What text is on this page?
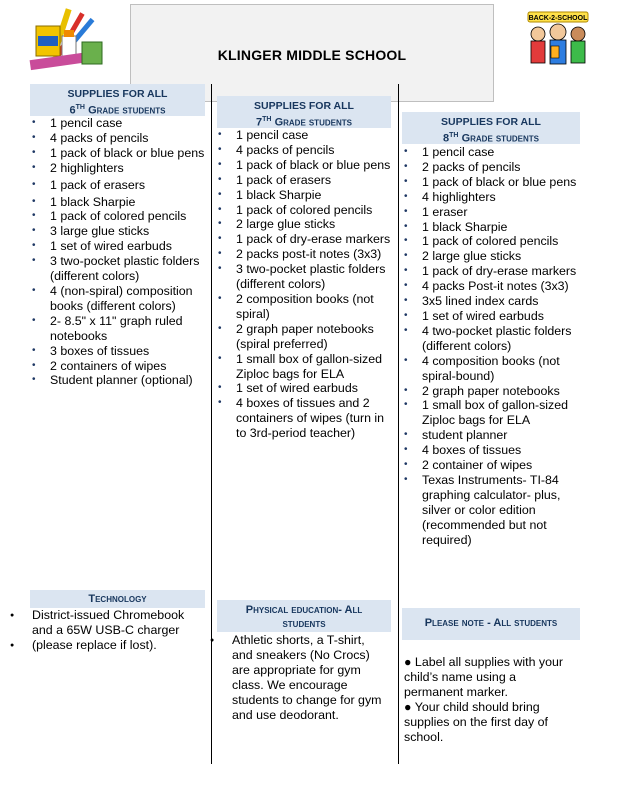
BACK-2-SCHOOL
KLINGER MIDDLE SCHOOL
SUPPLIES FOR ALL
6TH Grade students
• 1 pencil case
• 4 packs of pencils
• 1 pack of black or blue pens
• 2 highlighters
• 1 pack of erasers
• 1 black Sharpie
• 1 pack of colored pencils
• 3 large glue sticks
• 1 set of wired earbuds
• 3 two-pocket plastic folders (different colors)
• 4 (non-spiral) composition books (different colors)
• 2- 8.5" x 11" graph ruled notebooks
• 3 boxes of tissues
• 2 containers of wipes
• Student planner (optional)
SUPPLIES FOR ALL
7TH Grade students
• 1 pencil case
• 4 packs of pencils
• 1 pack of black or blue pens
• 1 pack of erasers
• 1 black Sharpie
• 1 pack of colored pencils
• 2 large glue sticks
• 1 pack of dry-erase markers
• 2 packs post-it notes (3x3)
• 3 two-pocket plastic folders (different colors)
• 2 composition books (not spiral)
• 2 graph paper notebooks (spiral preferred)
• 1 small box of gallon-sized Ziploc bags for ELA
• 1 set of wired earbuds
• 4 boxes of tissues and 2 containers of wipes (turn in to 3rd-period teacher)
SUPPLIES FOR ALL
8TH Grade students
• 1 pencil case
• 2 packs of pencils
• 1 pack of black or blue pens
• 4 highlighters
• 1 eraser
• 1 black Sharpie
• 1 pack of colored pencils
• 2 large glue sticks
• 1 pack of dry-erase markers
• 4 packs Post-it notes (3x3)
• 3x5 lined index cards
• 1 set of wired earbuds
• 4 two-pocket plastic folders (different colors)
• 4 composition books (not spiral-bound)
• 2 graph paper notebooks
• 1 small box of gallon-sized Ziploc bags for ELA
• student planner
• 4 boxes of tissues
• 2 container of wipes
• Texas Instruments- TI-84 graphing calculator- plus, silver or color edition (recommended but not required)
Technology
● District-issued Chromebook and a 65W USB-C charger
● (please replace if lost).
Physical education- All students
● Athletic shorts, a T-shirt, and sneakers (No Crocs) are appropriate for gym class. We encourage students to change for gym and use deodorant.
Please note - All students
● Label all supplies with your child’s name using a permanent marker.
● Your child should bring supplies on the first day of school.
